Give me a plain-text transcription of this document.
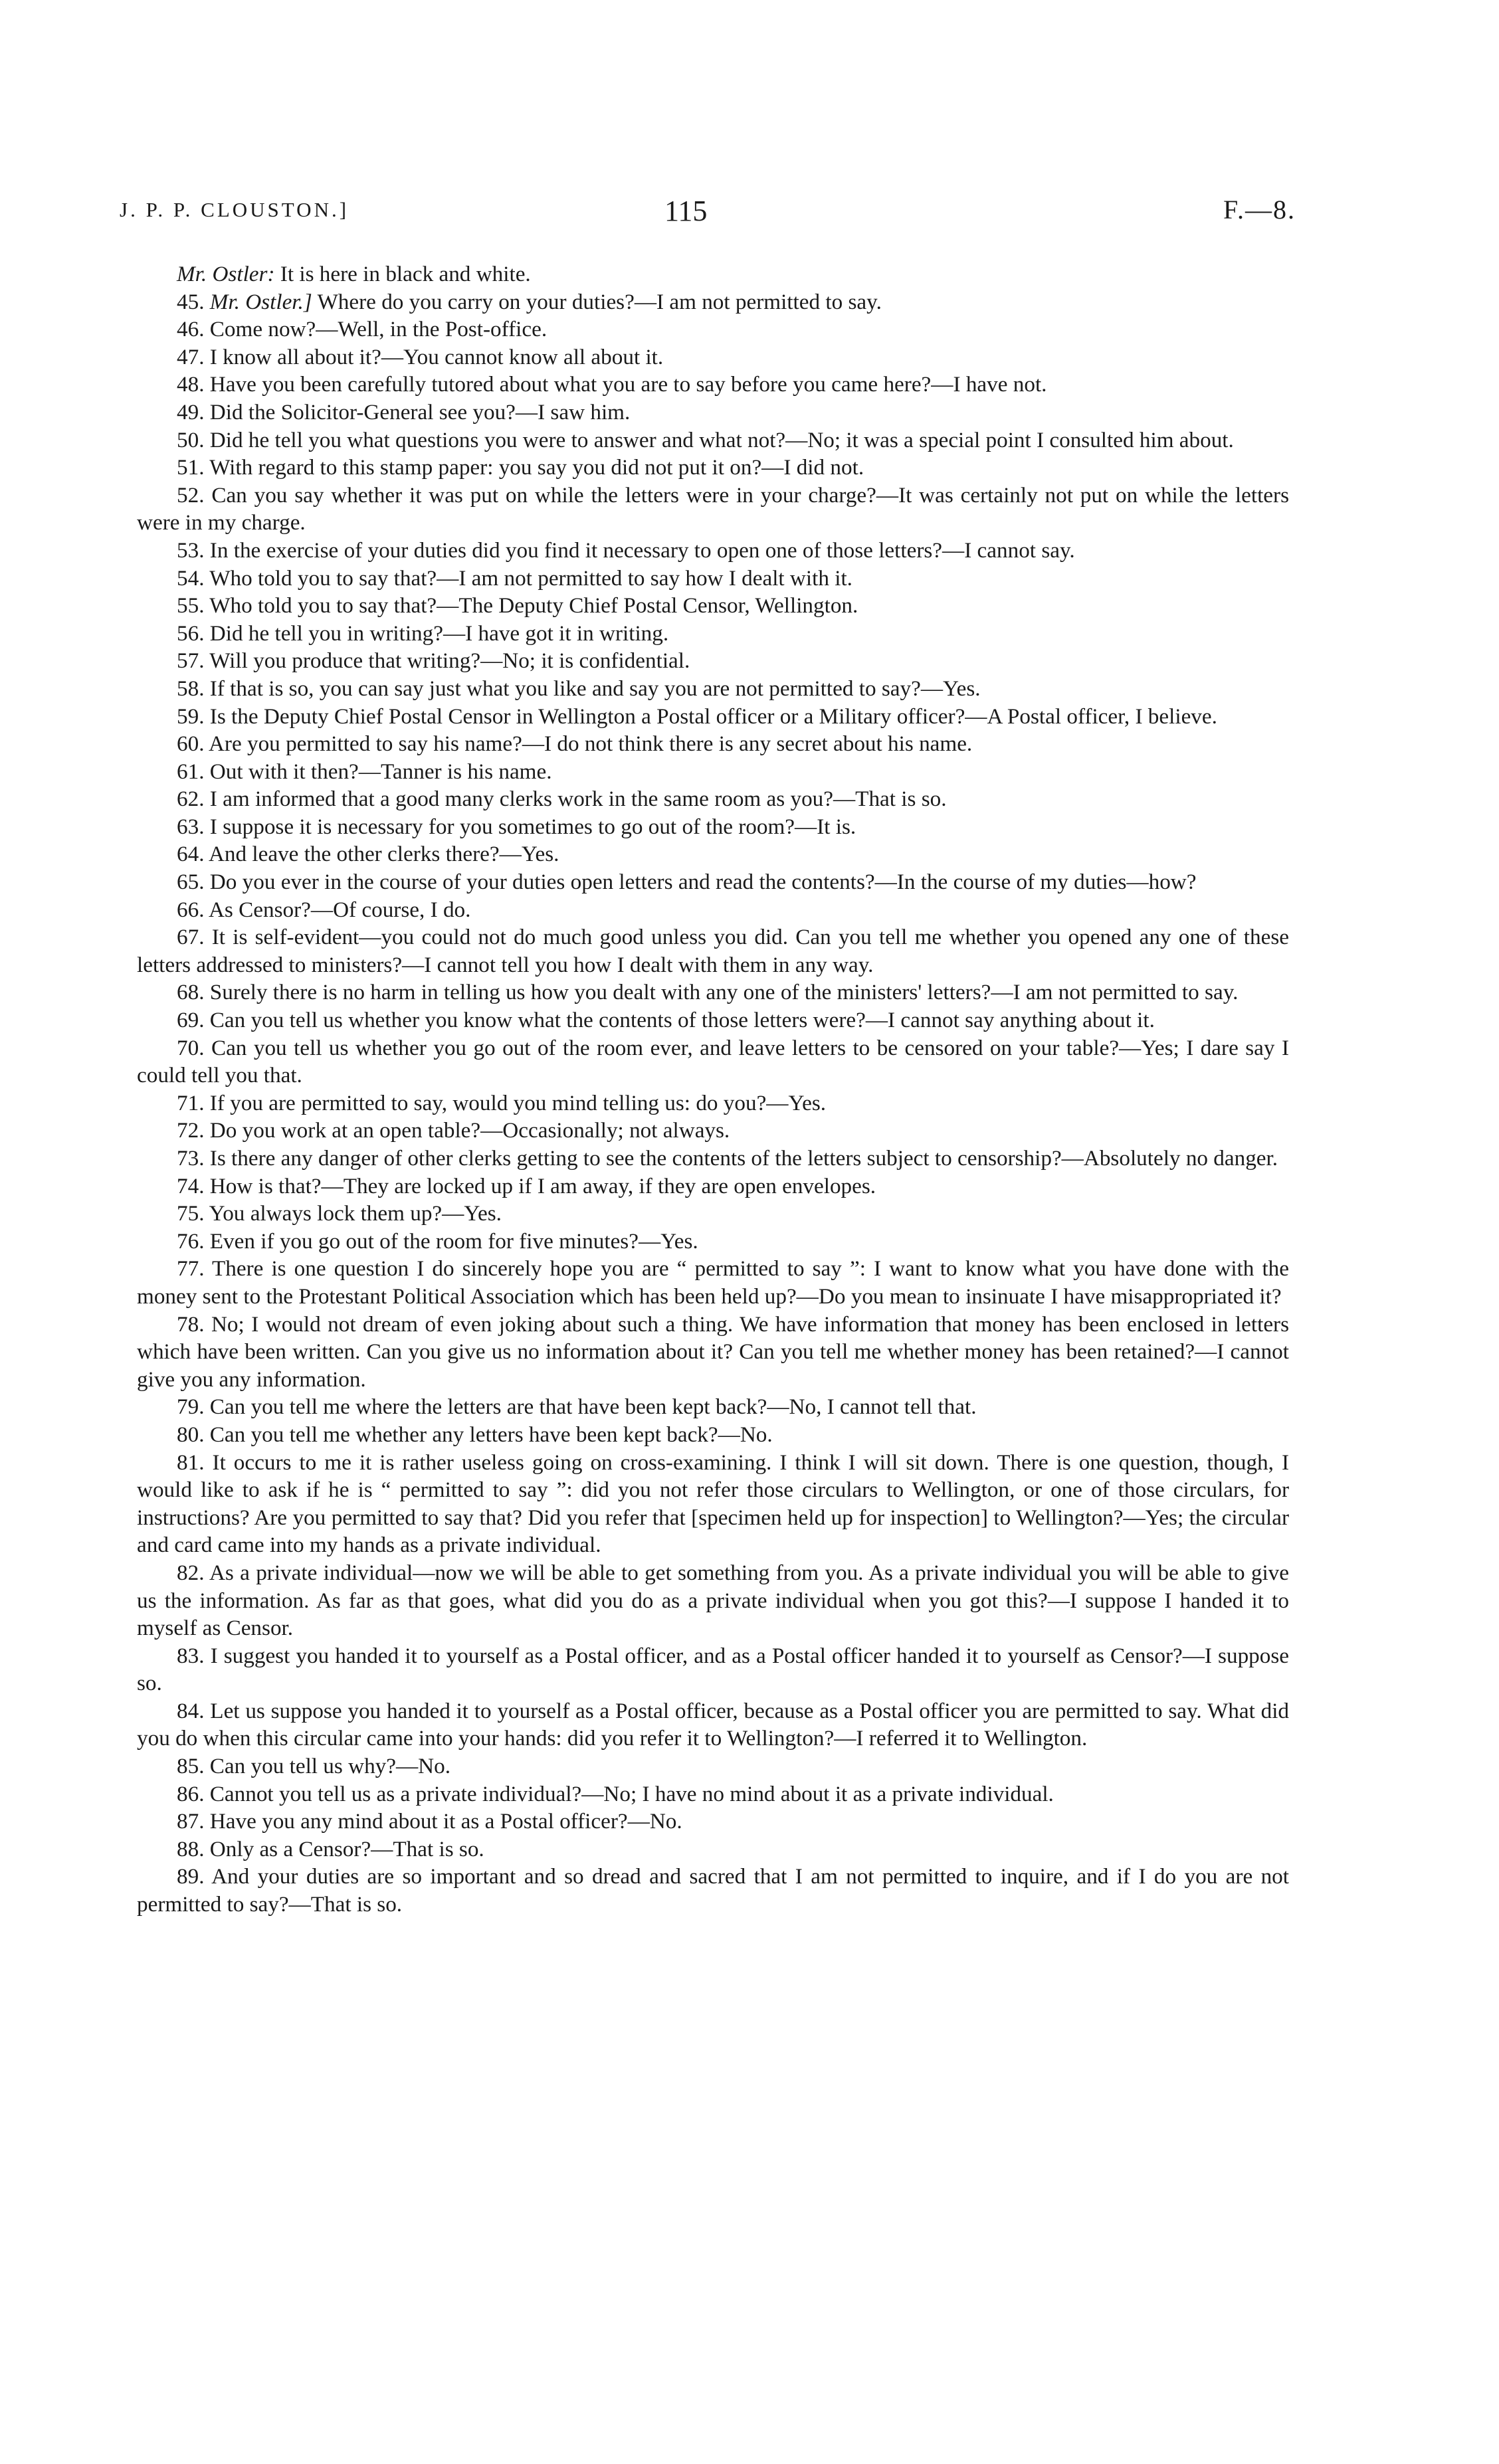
J. P. P. CLOUSTON.]	115	F.—8.

Mr. Ostler: It is here in black and white.

45. Mr. Ostler.] Where do you carry on your duties?—I am not permitted to say.

46. Come now?—Well, in the Post-office.

47. I know all about it?—You cannot know all about it.

48. Have you been carefully tutored about what you are to say before you came here?—I have not.

49. Did the Solicitor-General see you?—I saw him.

50. Did he tell you what questions you were to answer and what not?—No; it was a special point I consulted him about.

51. With regard to this stamp paper: you say you did not put it on?—I did not.

52. Can you say whether it was put on while the letters were in your charge?—It was certainly not put on while the letters were in my charge.

53. In the exercise of your duties did you find it necessary to open one of those letters?—I cannot say.

54. Who told you to say that?—I am not permitted to say how I dealt with it.

55. Who told you to say that?—The Deputy Chief Postal Censor, Wellington.

56. Did he tell you in writing?—I have got it in writing.

57. Will you produce that writing?—No; it is confidential.

58. If that is so, you can say just what you like and say you are not permitted to say?—Yes.

59. Is the Deputy Chief Postal Censor in Wellington a Postal officer or a Military officer?—A Postal officer, I believe.

60. Are you permitted to say his name?—I do not think there is any secret about his name.

61. Out with it then?—Tanner is his name.

62. I am informed that a good many clerks work in the same room as you?—That is so.

63. I suppose it is necessary for you sometimes to go out of the room?—It is.

64. And leave the other clerks there?—Yes.

65. Do you ever in the course of your duties open letters and read the contents?—In the course of my duties—how?

66. As Censor?—Of course, I do.

67. It is self-evident—you could not do much good unless you did. Can you tell me whether you opened any one of these letters addressed to ministers?—I cannot tell you how I dealt with them in any way.

68. Surely there is no harm in telling us how you dealt with any one of the ministers' letters?—I am not permitted to say.

69. Can you tell us whether you know what the contents of those letters were?—I cannot say anything about it.

70. Can you tell us whether you go out of the room ever, and leave letters to be censored on your table?—Yes; I dare say I could tell you that.

71. If you are permitted to say, would you mind telling us: do you?—Yes.

72. Do you work at an open table?—Occasionally; not always.

73. Is there any danger of other clerks getting to see the contents of the letters subject to censorship?—Absolutely no danger.

74. How is that?—They are locked up if I am away, if they are open envelopes.

75. You always lock them up?—Yes.

76. Even if you go out of the room for five minutes?—Yes.

77. There is one question I do sincerely hope you are “ permitted to say ”: I want to know what you have done with the money sent to the Protestant Political Association which has been held up?—Do you mean to insinuate I have misappropriated it?

78. No; I would not dream of even joking about such a thing. We have information that money has been enclosed in letters which have been written. Can you give us no information about it? Can you tell me whether money has been retained?—I cannot give you any information.

79. Can you tell me where the letters are that have been kept back?—No, I cannot tell that.

80. Can you tell me whether any letters have been kept back?—No.

81. It occurs to me it is rather useless going on cross-examining. I think I will sit down. There is one question, though, I would like to ask if he is “ permitted to say ”: did you not refer those circulars to Wellington, or one of those circulars, for instructions? Are you permitted to say that? Did you refer that [specimen held up for inspection] to Wellington?—Yes; the circular and card came into my hands as a private individual.

82. As a private individual—now we will be able to get something from you. As a private individual you will be able to give us the information. As far as that goes, what did you do as a private individual when you got this?—I suppose I handed it to myself as Censor.

83. I suggest you handed it to yourself as a Postal officer, and as a Postal officer handed it to yourself as Censor?—I suppose so.

84. Let us suppose you handed it to yourself as a Postal officer, because as a Postal officer you are permitted to say. What did you do when this circular came into your hands: did you refer it to Wellington?—I referred it to Wellington.

85. Can you tell us why?—No.

86. Cannot you tell us as a private individual?—No; I have no mind about it as a private individual.

87. Have you any mind about it as a Postal officer?—No.

88. Only as a Censor?—That is so.

89. And your duties are so important and so dread and sacred that I am not permitted to inquire, and if I do you are not permitted to say?—That is so.
